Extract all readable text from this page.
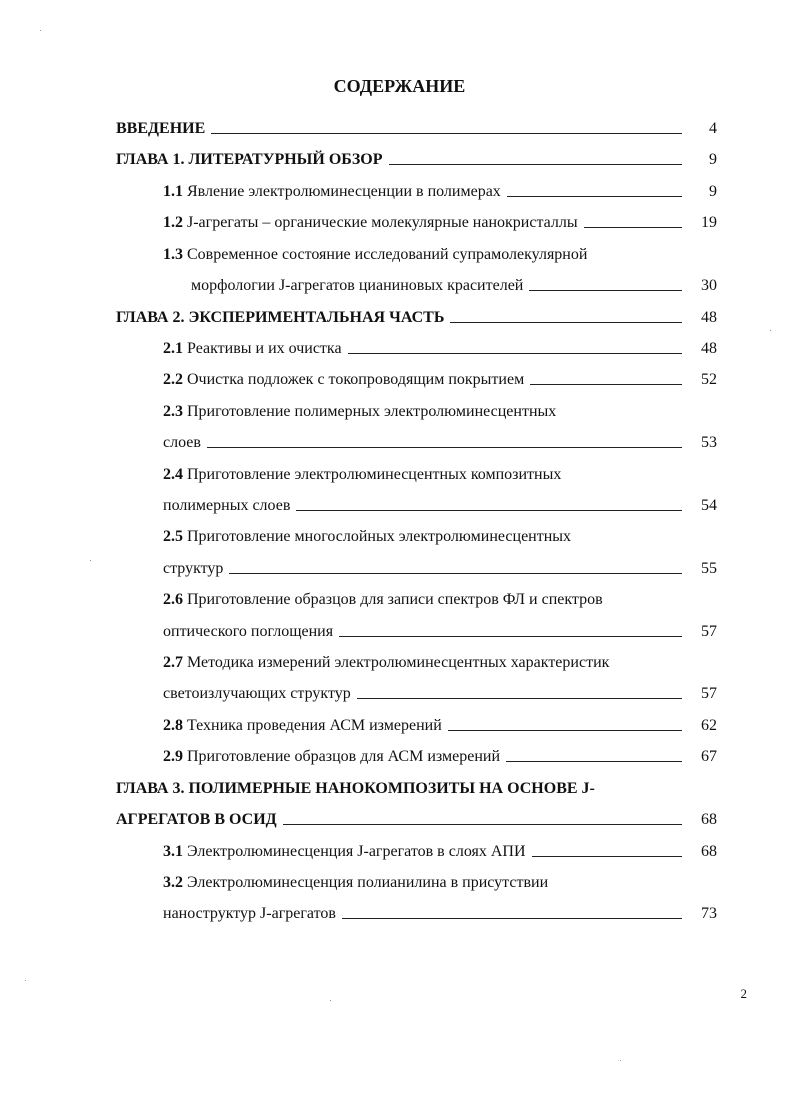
СОДЕРЖАНИЕ
ВВЕДЕНИЕ	4
ГЛАВА 1. ЛИТЕРАТУРНЫЙ ОБЗОР	9
1.1 Явление электролюминесценции в полимерах	9
1.2 J-агрегаты – органические молекулярные нанокристаллы	19
1.3 Современное состояние исследований супрамолекулярной
морфологии J-агрегатов цианиновых красителей	30
ГЛАВА 2. ЭКСПЕРИМЕНТАЛЬНАЯ ЧАСТЬ	48
2.1 Реактивы и их очистка	48
2.2 Очистка подложек с токопроводящим покрытием	52
2.3 Приготовление полимерных электролюминесцентных
слоев	53
2.4 Приготовление электролюминесцентных композитных
полимерных слоев	54
2.5 Приготовление многослойных электролюминесцентных
структур	55
2.6 Приготовление образцов для записи спектров ФЛ и спектров
оптического поглощения	57
2.7 Методика измерений электролюминесцентных характеристик
светоизлучающих структур	57
2.8 Техника проведения АСМ измерений	62
2.9 Приготовление образцов для АСМ измерений	67
ГЛАВА 3. ПОЛИМЕРНЫЕ НАНОКОМПОЗИТЫ НА ОСНОВЕ J-
АГРЕГАТОВ В ОСИД	68
3.1 Электролюминесценция J-агрегатов в слоях АПИ	68
3.2 Электролюминесценция полианилина в присутствии
наноструктур J-агрегатов	73
2
